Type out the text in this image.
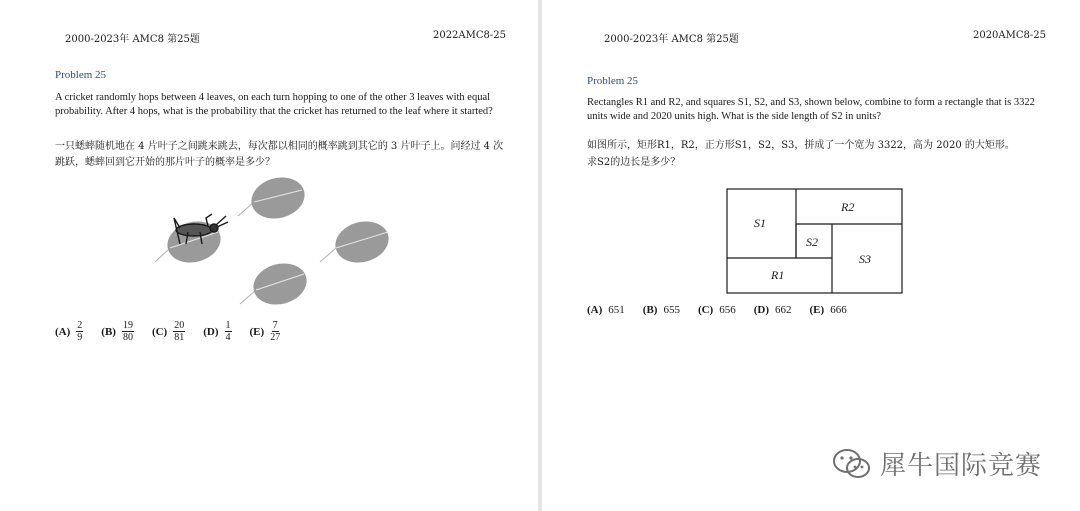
2000-2023年 AMC8 第25题	2022AMC8-25
Problem 25
A cricket randomly hops between 4 leaves, on each turn hopping to one of the other 3 leaves with equal probability. After 4 hops, what is the probability that the cricket has returned to the leaf where it started?
一只蟋蟀随机地在 4 片叶子之间跳来跳去，每次都以相同的概率跳到其它的 3 片叶子上。问经过 4 次跳跃，蟋蟀回到它开始的那片叶子的概率是多少？
$(A) \frac{2}{9} (B) \frac{19}{80} (C) \frac{20}{81} (D) \frac{1}{4} (E) \frac{7}{27}$
2000-2023年 AMC8 第25题	2020AMC8-25
Problem 25
Rectangles R1 and R2, and squares S1, S2, and S3, shown below, combine to form a rectangle that is 3322 units wide and 2020 units high. What is the side length of S2 in units?
如图所示，矩形R1，R2，正方形S1，S2，S3，拼成了一个宽为 3322，高为 2020 的大矩形。
求S2的边长是多少？
S1
R2
S2
S3
R1
(A) 651 (B) 655 (C) 656 (D) 662 (E) 666
犀牛国际竞赛
